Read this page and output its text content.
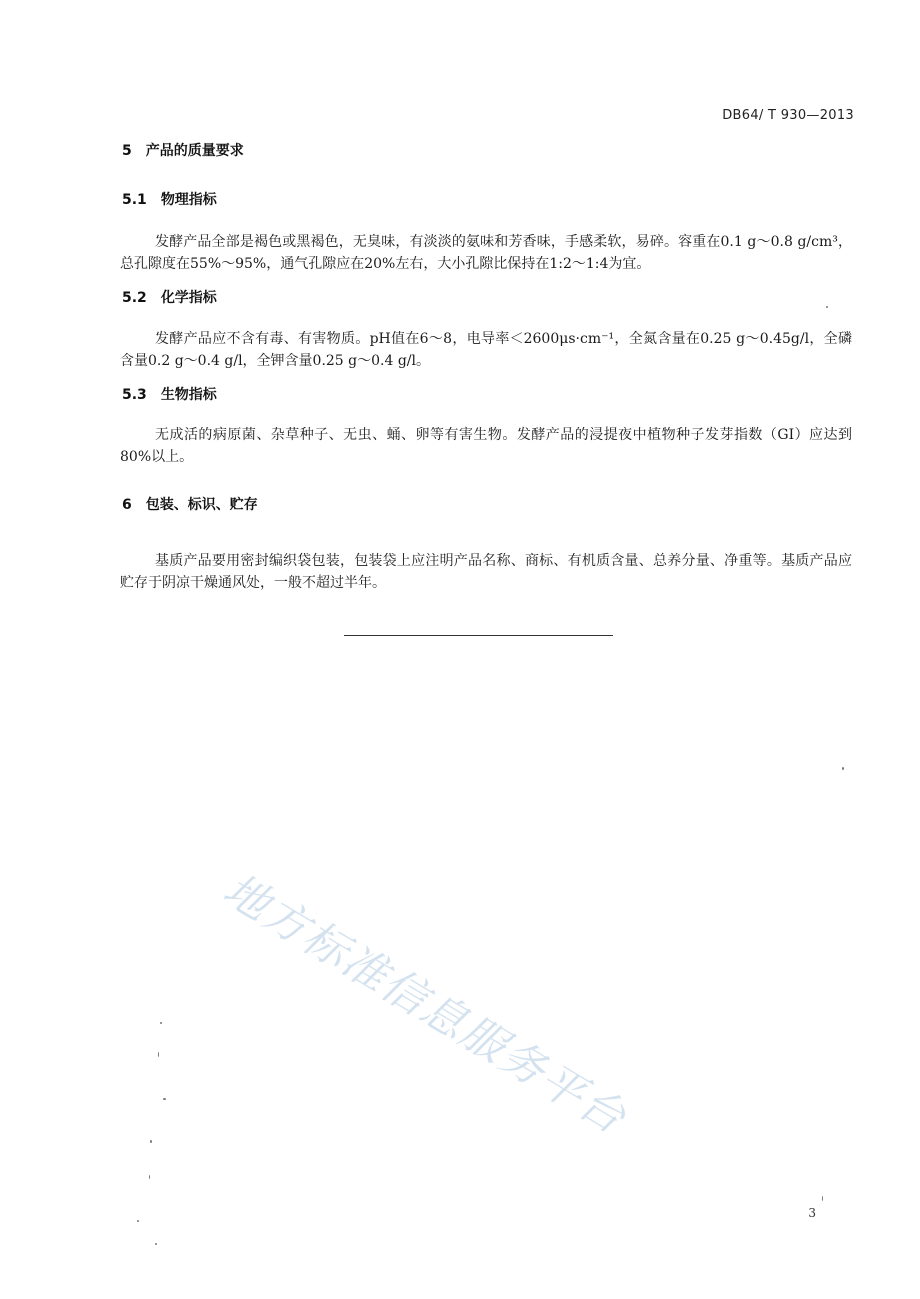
DB64/ T 930—2013
5 产品的质量要求
5.1 物理指标

发酵产品全部是褐色或黑褐色，无臭味，有淡淡的氨味和芳香味，手感柔软，易碎。容重在0.1 g～0.8 g/cm³，总孔隙度在55%～95%，通气孔隙应在20%左右，大小孔隙比保持在1:2～1:4为宜。

5.2 化学指标

发酵产品应不含有毒、有害物质。pH值在6～8，电导率＜2600μs·cm⁻¹，全氮含量在0.25 g～0.45g/l，全磷含量0.2 g～0.4 g/l，全钾含量0.25 g～0.4 g/l。

5.3 生物指标

无成活的病原菌、杂草种子、无虫、蛹、卵等有害生物。发酵产品的浸提夜中植物种子发芽指数（GI）应达到80%以上。

6 包装、标识、贮存

基质产品要用密封编织袋包装，包装袋上应注明产品名称、商标、有机质含量、总养分量、净重等。基质产品应贮存于阴凉干燥通风处，一般不超过半年。

地方标准信息服务平台
3
